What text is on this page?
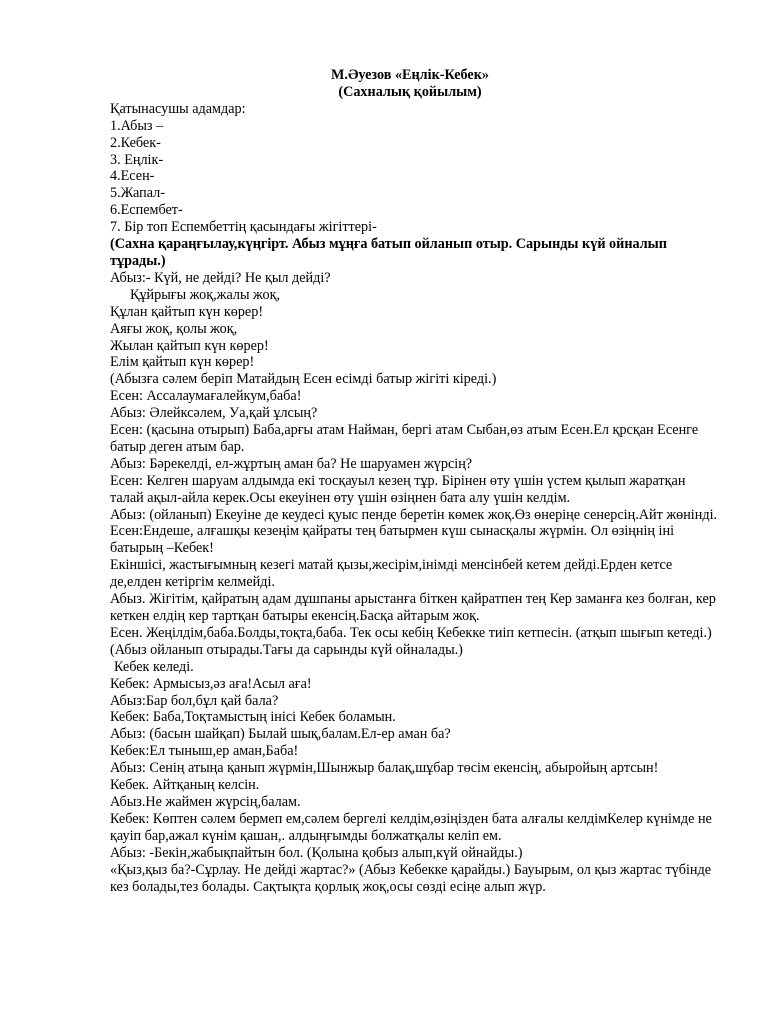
М.Әуезов «Еңлік-Кебек»
(Сахналық қойылым)
Қатынасушы адамдар:
1.Абыз –
2.Кебек-
3. Еңлік-
4.Есен-
5.Жапал-
6.Еспембет-
7. Бір топ Еспембеттің қасындағы жігіттері-
(Сахна қараңғылау,күңгірт. Абыз мұңға батып ойланып отыр. Сарынды күй ойналып тұрады.)
Абыз:- Күй, не дейді? Не қыл дейді?
Құйрығы жоқ,жалы жоқ,
Құлан қайтып күн көрер!
Аяғы жоқ, қолы жоқ,
Жылан қайтып күн көрер!
Елім қайтып күн көрер!
(Абызға сәлем беріп Матайдың Есен есімді батыр жігіті кіреді.)
Есен: Ассалаумағалейкум,баба!
Абыз: Әлейксәлем, Уа,қай ұлсың?
Есен: (қасына отырып) Баба,арғы атам Найман, бергі атам Сыбан,өз атым Есен.Ел қрсқан Есенге батыр деген атым бар.
Абыз: Бәрекелді, ел-жұртың аман ба? Не шаруамен жүрсің?
Есен: Келген шаруам алдымда екі тосқауыл кезең тұр. Бірінен өту үшін үстем қылып жаратқан талай ақыл-айла керек.Осы екеуінен өту үшін өзіңнен бата алу үшін келдім.
Абыз: (ойланып) Екеуіне де кеудесі қуыс пенде беретін көмек жоқ.Өз өнеріңе сенерсің.Айт жөнінді.
Есен:Ендеше, алғашқы кезеңім қайраты тең батырмен күш сынасқалы жүрмін. Ол өзіңнің іні батырың –Кебек!
Екіншісі, жастығымның кезегі матай қызы,жесірім,інімді менсінбей кетем дейді.Ерден кетсе де,елден кетіргім келмейді.
Абыз. Жігітім, қайратың адам дұшпаны арыстанға біткен қайратпен тең Кер заманға кез болған, кер кеткен елдің кер тартқан батыры екенсің.Басқа айтарым жоқ.
Есен. Жеңілдім,баба.Болды,тоқта,баба. Тек осы кебің Кебекке тиіп кетпесін. (атқып шығып кетеді.)
(Абыз ойланып отырады.Тағы да сарынды күй ойналады.)
Кебек келеді.
Кебек: Армысыз,әз аға!Асыл аға!
Абыз:Бар бол,бұл қай бала?
Кебек: Баба,Тоқтамыстың інісі Кебек боламын.
Абыз: (басын шайқап) Былай шық,балам.Ел-ер аман ба?
Кебек:Ел тыныш,ер аман,Баба!
Абыз: Сенің атыңа қанып жүрмін,Шынжыр балақ,шұбар төсім екенсің, абыройың артсын!
Кебек. Айтқаның келсін.
Абыз.Не жаймен жүрсің,балам.
Кебек: Көптен сәлем бермеп ем,сәлем бергелі келдім,өзіңізден бата алғалы келдімКелер күнімде не қауіп бар,ажал күнім қашан,. алдыңғымды болжатқалы келіп ем.
Абыз: -Бекін,жабықпайтын бол. (Қолына қобыз алып,күй ойнайды.)
«Қыз,қыз ба?-Сұрлау. Не дейді жартас?» (Абыз Кебекке қарайды.) Бауырым, ол қыз жартас түбінде кез болады,тез болады. Сақтықта қорлық жоқ,осы сөзді есіңе алып жүр.
